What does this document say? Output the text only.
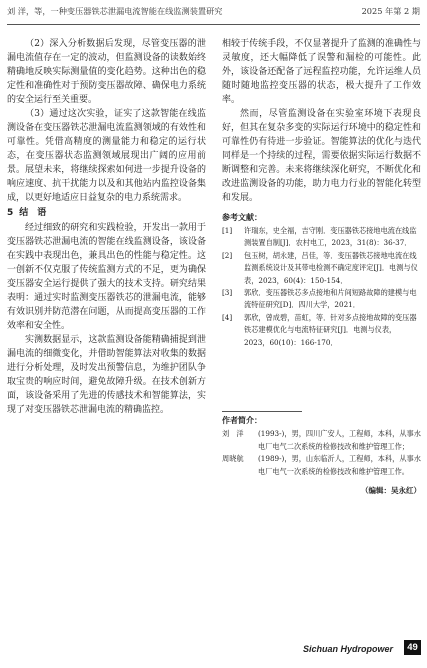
刘 洋，等，一种变压器铁芯泄漏电流智能在线监测装置研究	2025 年第 2 期

（2）深入分析数据后发现，尽管变压器的泄漏电流值存在一定的波动，但监测设备的读数始终精确地反映实际测量值的变化趋势。这种出色的稳定性和准确性对于预防变压器故障、确保电力系统的安全运行至关重要。

（3）通过这次实验，证实了这款智能在线监测设备在变压器铁芯泄漏电流监测领域的有效性和可靠性。凭借高精度的测量能力和稳定的运行状态，在变压器状态监测领域展现出广阔的应用前景。展望未来，将继续探索如何进一步提升设备的响应速度、抗干扰能力以及和其他站内监控设备集成，以更好地适应日益复杂的电力系统需求。

5 结　语

经过细致的研究和实践检验，开发出一款用于变压器铁芯泄漏电流的智能在线监测设备，该设备在实践中表现出色，兼具出色的性能与稳定性。这一创新不仅克服了传统监测方式的不足，更为确保变压器安全运行提供了强大的技术支持。研究结果表明：通过实时监测变压器铁芯的泄漏电流，能够有效识别并防范潜在问题，从而提高变压器的工作效率和安全性。

实测数据显示，这款监测设备能精确捕捉到泄漏电流的细微变化，并借助智能算法对收集的数据进行分析处理，及时发出预警信息，为维护团队争取宝贵的响应时间，避免故障升级。在技术创新方面，该设备采用了先进的传感技术和智能算法，实现了对变压器铁芯泄漏电流的精确监控。

相较于传统手段，不仅显著提升了监测的准确性与灵敏度，还大幅降低了误警和漏检的可能性。此外，该设备还配备了远程监控功能，允许运维人员随时随地监控变压器的状态，极大提升了工作效率。

然而，尽管监测设备在实验室环境下表现良好，但其在复杂多变的实际运行环境中的稳定性和可靠性仍有待进一步验证。智能算法的优化与迭代同样是一个持续的过程，需要依据实际运行数据不断调整和完善。未来将继续深化研究，不断优化和改进监测设备的功能，助力电力行业的智能化转型和发展。

参考文献：
[1] 许瑞东，史全福，吉守刚．变压器铁芯接地电流在线监测装置自制[J]．农村电工，2023，31(8)：36-37．
[2] 包玉树，胡永建，吕佳，等．变压器铁芯接地电流在线监测系统设计及其带电检测不确定度评定[J]．电测与仪表，2023，60(4)：150-154．
[3] 郭欣．变压器铁芯多点接地和片间短路故障的建模与电流特征研究[D]．四川大学，2021．
[4] 郭欣，曾成碧，苗虹，等．针对多点接地故障的变压器铁芯建模优化与电流特征研究[J]．电测与仪表，2023，60(10)：166-170．
作者简介：
刘　洋 (1993-)，男，四川广安人，工程师，本科，从事水电厂电气二次系统的检修技改和维护管理工作；
周晓航 (1989-)，男，山东临沂人，工程师，本科，从事水电厂电气一次系统的检修技改和维护管理工作。
（编辑：吴永红）
Sichuan Hydropower	49
